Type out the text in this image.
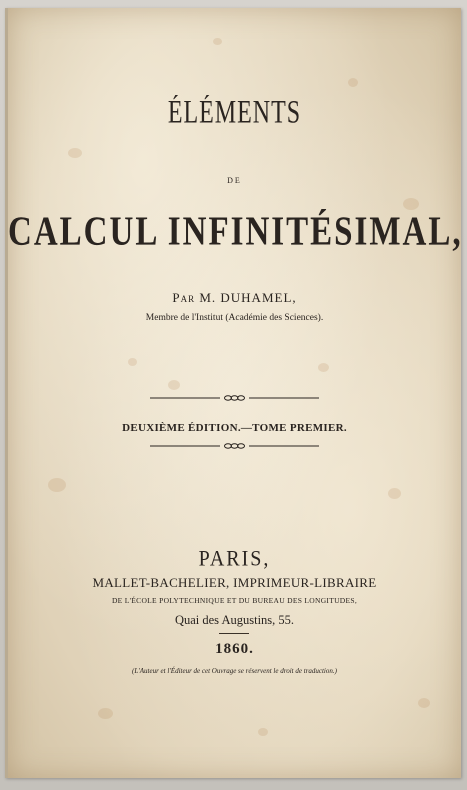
ÉLÉMENTS
DE
CALCUL INFINITÉSIMAL,
Par M. DUHAMEL,
Membre de l'Institut (Académie des Sciences).
DEUXIÈME ÉDITION.—TOME PREMIER.
PARIS,
MALLET-BACHELIER, IMPRIMEUR-LIBRAIRE
DE L'ÉCOLE POLYTECHNIQUE ET DU BUREAU DES LONGITUDES,
Quai des Augustins, 55.
1860.
(L'Auteur et l'Éditeur de cet Ouvrage se réservent le droit de traduction.)
